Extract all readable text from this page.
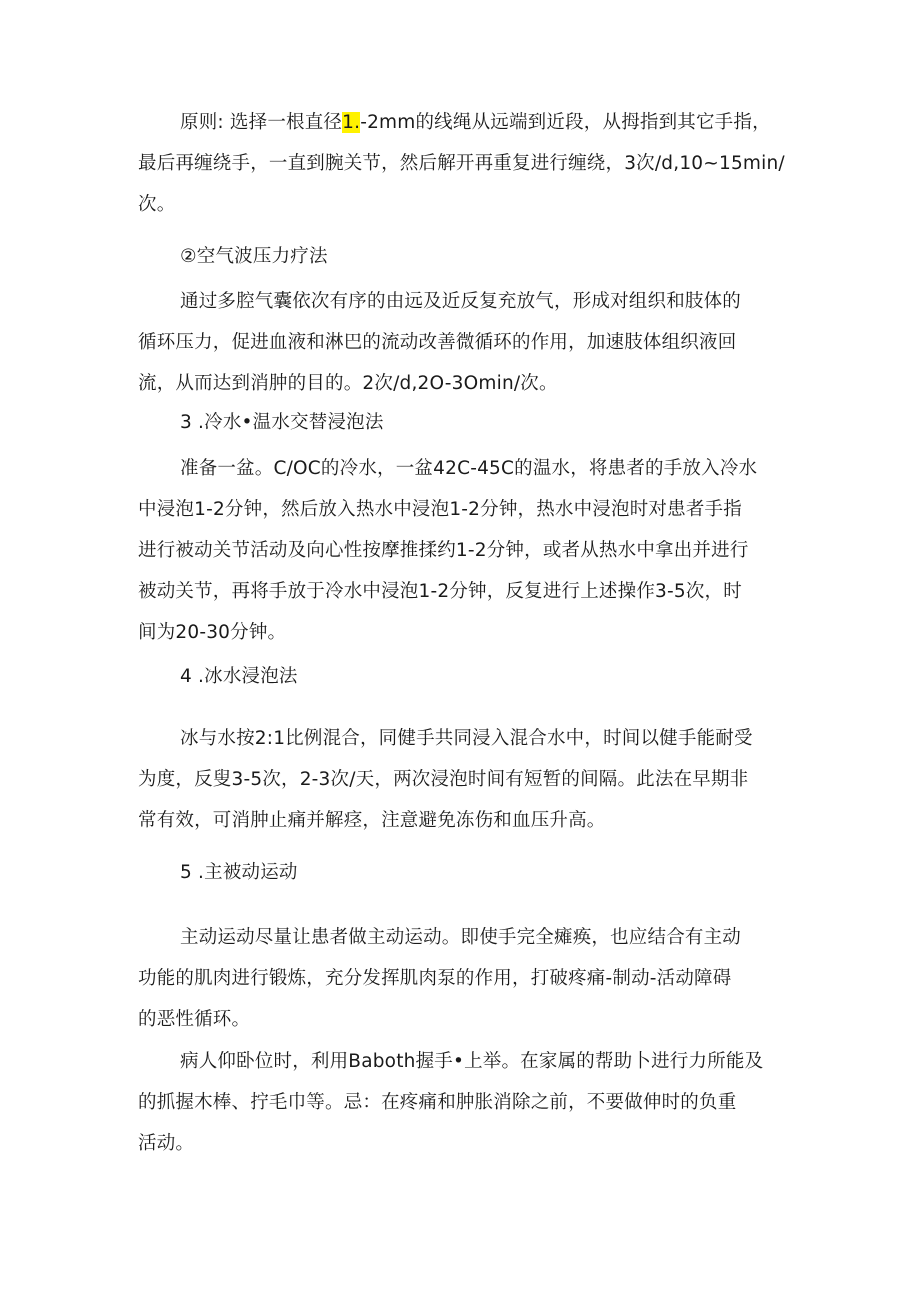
原则: 选择一根直径1.-2mm的线绳从远端到近段，从拇指到其它手指，
最后再缠绕手，一直到腕关节，然后解开再重复进行缠绕，3次/d,10~15min/
次。
②空气波压力疗法
通过多腔气囊依次有序的由远及近反复充放气，形成对组织和肢体的
循环压力，促进血液和淋巴的流动改善微循环的作用，加速肢体组织液回
流，从而达到消肿的目的。2次/d,2O-3Omin/次。
3 .冷水•温水交替浸泡法
准备一盆。C/OC的冷水，一盆42C-45C的温水，将患者的手放入冷水
中浸泡1-2分钟，然后放入热水中浸泡1-2分钟，热水中浸泡时对患者手指
进行被动关节活动及向心性按摩推揉约1-2分钟，或者从热水中拿出并进行
被动关节，再将手放于冷水中浸泡1-2分钟，反复进行上述操作3-5次，时
间为20-30分钟。
4 .冰水浸泡法
冰与水按2:1比例混合，同健手共同浸入混合水中，时间以健手能耐受
为度，反叟3-5次，2-3次/天，两次浸泡时间有短暂的间隔。此法在早期非
常有效，可消肿止痛并解痉，注意避免冻伤和血压升高。
5 .主被动运动
主动运动尽量让患者做主动运动。即使手完全瘫痪，也应结合有主动
功能的肌肉进行锻炼，充分发挥肌肉泵的作用，打破疼痛-制动-活动障碍
的恶性循环。
病人仰卧位时，利用Baboth握手•上举。在家属的帮助卜进行力所能及
的抓握木棒、拧毛巾等。忌：在疼痛和肿胀消除之前，不要做伸时的负重
活动。
